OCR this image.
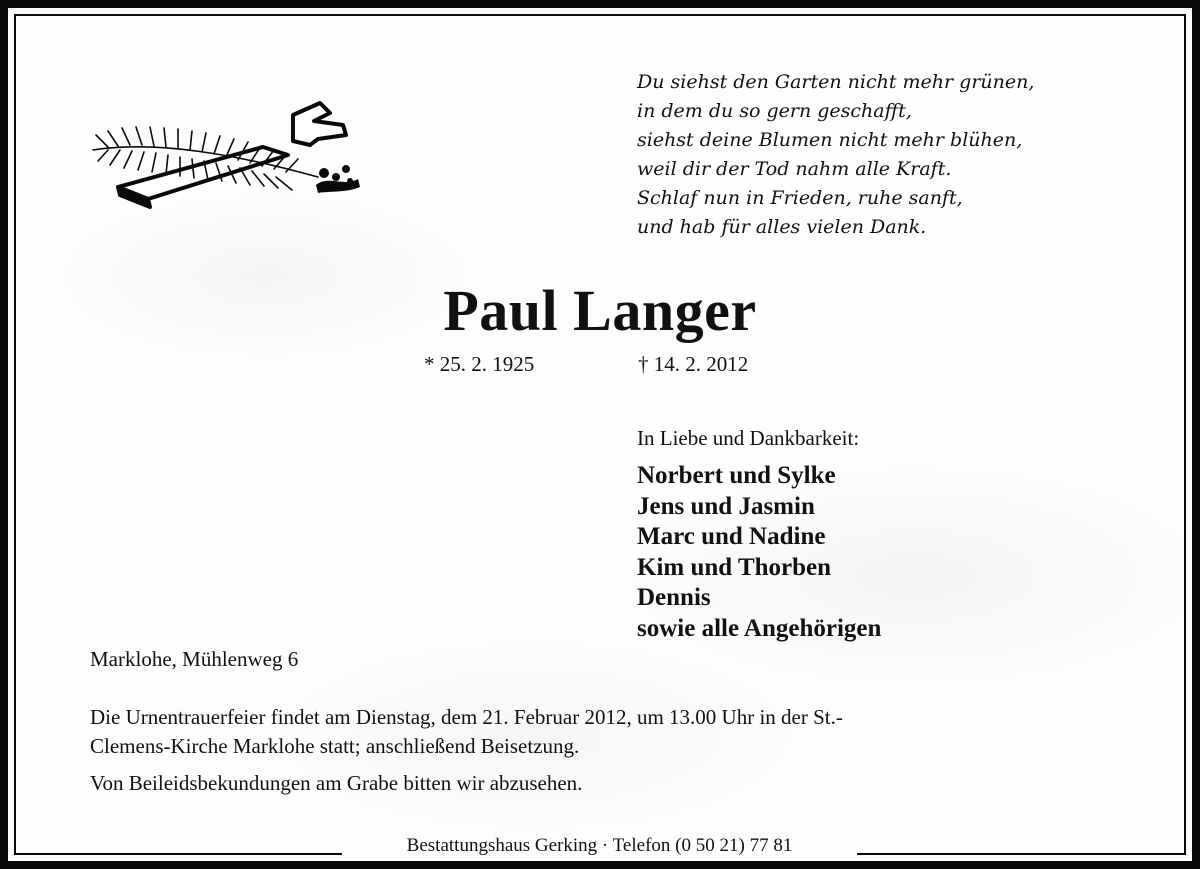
Du siehst den Garten nicht mehr grünen,
in dem du so gern geschafft,
siehst deine Blumen nicht mehr blühen,
weil dir der Tod nahm alle Kraft.
Schlaf nun in Frieden, ruhe sanft,
und hab für alles vielen Dank.
Paul Langer
* 25. 2. 1925	† 14. 2. 2012
In Liebe und Dankbarkeit:
Norbert und Sylke
Jens und Jasmin
Marc und Nadine
Kim und Thorben
Dennis
sowie alle Angehörigen
Marklohe, Mühlenweg 6
Die Urnentrauerfeier findet am Dienstag, dem 21. Februar 2012, um 13.00 Uhr in der St.-
Clemens-Kirche Marklohe statt; anschließend Beisetzung.
Von Beileidsbekundungen am Grabe bitten wir abzusehen.
Bestattungshaus Gerking · Telefon (0 50 21) 77 81
